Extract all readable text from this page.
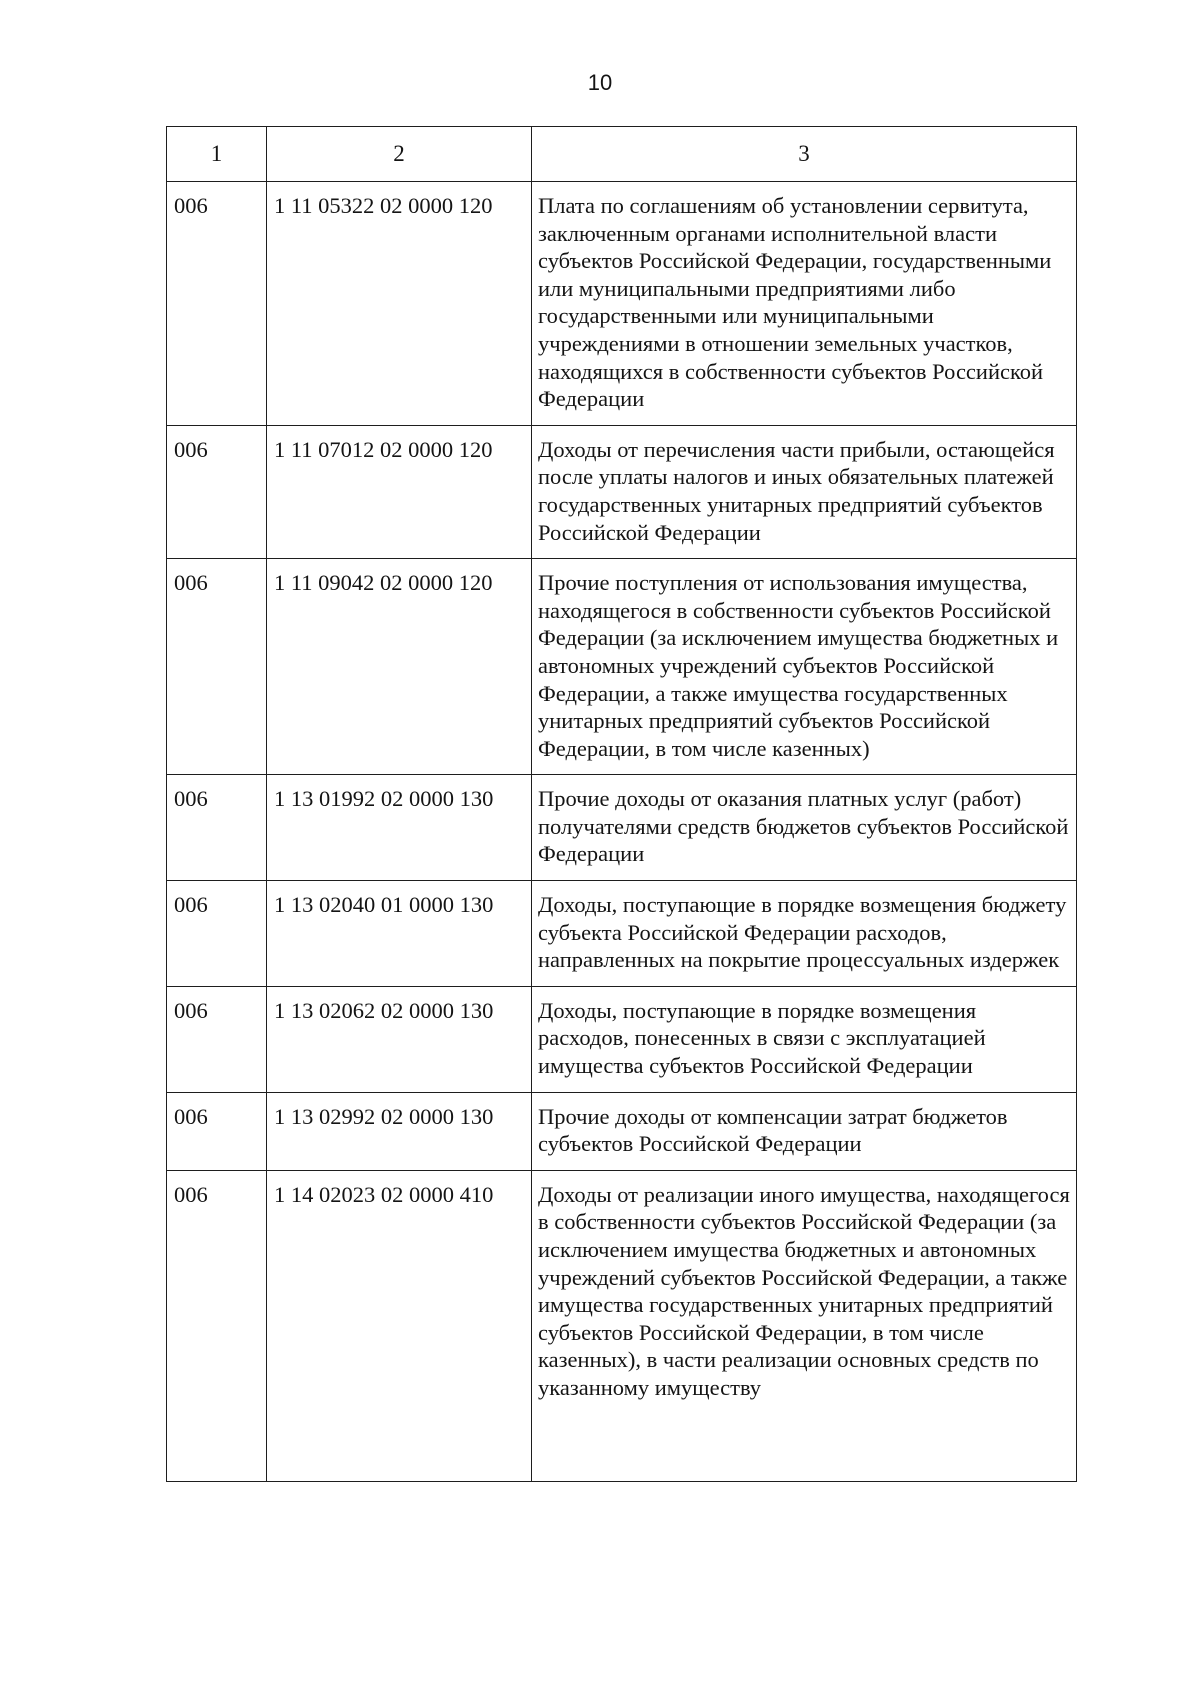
10
1	2	3
006	1 11 05322 02 0000 120	Плата по соглашениям об установлении сервитута, заключенным органами исполнительной власти субъектов Российской Федерации, государственными или муниципальными предприятиями либо государственными или муниципальными учреждениями в отношении земельных участков, находящихся в собственности субъектов Российской Федерации
006	1 11 07012 02 0000 120	Доходы от перечисления части прибыли, остающейся после уплаты налогов и иных обязательных платежей государственных унитарных предприятий субъектов Российской Федерации
006	1 11 09042 02 0000 120	Прочие поступления от использования имущества, находящегося в собственности субъектов Российской Федерации (за исключением имущества бюджетных и автономных учреждений субъектов Российской Федерации, а также имущества государственных унитарных предприятий субъектов Российской Федерации, в том числе казенных)
006	1 13 01992 02 0000 130	Прочие доходы от оказания платных услуг (работ) получателями средств бюджетов субъектов Российской Федерации
006	1 13 02040 01 0000 130	Доходы, поступающие в порядке возмещения бюджету субъекта Российской Федерации расходов, направленных на покрытие процессуальных издержек
006	1 13 02062 02 0000 130	Доходы, поступающие в порядке возмещения расходов, понесенных в связи с эксплуатацией имущества субъектов Российской Федерации
006	1 13 02992 02 0000 130	Прочие доходы от компенсации затрат бюджетов субъектов Российской Федерации
006	1 14 02023 02 0000 410	Доходы от реализации иного имущества, находящегося в собственности субъектов Российской Федерации (за исключением имущества бюджетных и автономных учреждений субъектов Российской Федерации, а также имущества государственных унитарных предприятий субъектов Российской Федерации, в том числе казенных), в части реализации основных средств по указанному имуществу
